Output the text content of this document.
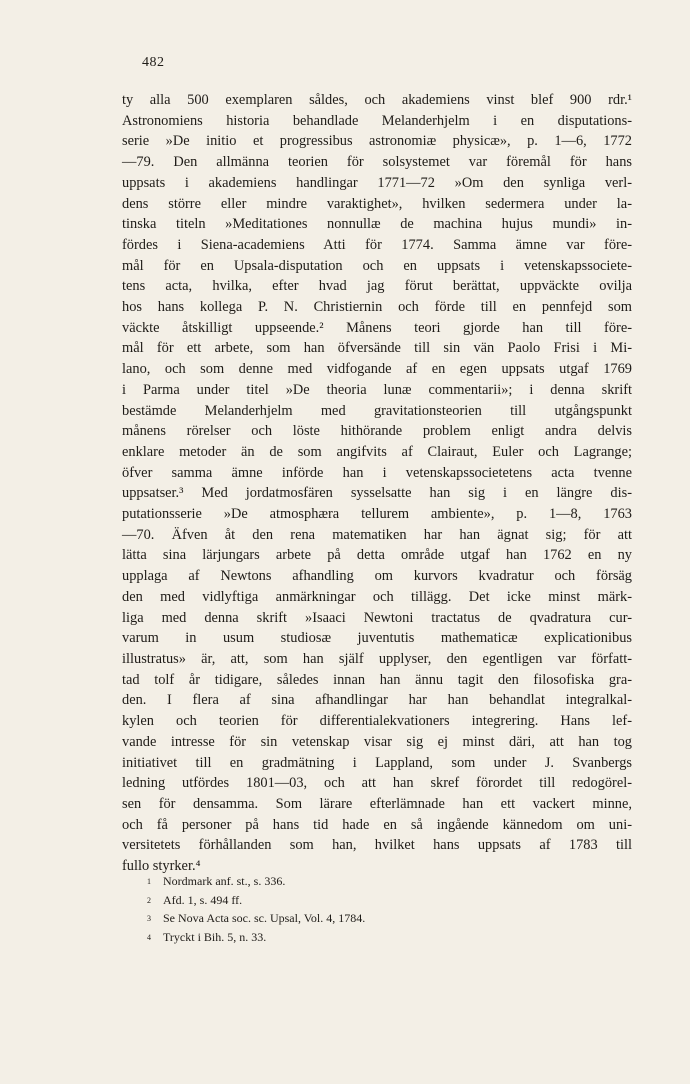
482
ty alla 500 exemplaren såldes, och akademiens vinst blef 900 rdr.¹
Astronomiens historia behandlade Melanderhjelm i en disputations-
serie »De initio et progressibus astronomiæ physicæ», p. 1—6, 1772
—79. Den allmänna teorien för solsystemet var föremål för hans
uppsats i akademiens handlingar 1771—72 »Om den synliga verl-
dens större eller mindre varaktighet», hvilken sedermera under la-
tinska titeln »Meditationes nonnullæ de machina hujus mundi» in-
fördes i Siena-academiens Atti för 1774. Samma ämne var före-
mål för en Upsala-disputation och en uppsats i vetenskapssociete-
tens acta, hvilka, efter hvad jag förut berättat, uppväckte ovilja
hos hans kollega P. N. Christiernin och förde till en pennfejd som
väckte åtskilligt uppseende.² Månens teori gjorde han till före-
mål för ett arbete, som han öfversände till sin vän Paolo Frisi i Mi-
lano, och som denne med vidfogande af en egen uppsats utgaf 1769
i Parma under titel »De theoria lunæ commentarii»; i denna skrift
bestämde Melanderhjelm med gravitationsteorien till utgångspunkt
månens rörelser och löste hithörande problem enligt andra delvis
enklare metoder än de som angifvits af Clairaut, Euler och Lagrange;
öfver samma ämne införde han i vetenskapssocietetens acta tvenne
uppsatser.³ Med jordatmosfären sysselsatte han sig i en längre dis-
putationsserie »De atmosphæra tellurem ambiente», p. 1—8, 1763
—70. Äfven åt den rena matematiken har han ägnat sig; för att
lätta sina lärjungars arbete på detta område utgaf han 1762 en ny
upplaga af Newtons afhandling om kurvors kvadratur och försäg
den med vidlyftiga anmärkningar och tillägg. Det icke minst märk-
liga med denna skrift »Isaaci Newtoni tractatus de qvadratura cur-
varum in usum studiosæ juventutis mathematicæ explicationibus
illustratus» är, att, som han själf upplyser, den egentligen var författ-
tad tolf år tidigare, således innan han ännu tagit den filosofiska gra-
den. I flera af sina afhandlingar har han behandlat integralkal-
kylen och teorien för differentialekvationers integrering. Hans lef-
vande intresse för sin vetenskap visar sig ej minst däri, att han tog
initiativet till en gradmätning i Lappland, som under J. Svanbergs
ledning utfördes 1801—03, och att han skref förordet till redogörel-
sen för densamma. Som lärare efterlämnade han ett vackert minne,
och få personer på hans tid hade en så ingående kännedom om uni-
versitetets förhållanden som han, hvilket hans uppsats af 1783 till
fullo styrker.⁴
1 Nordmark anf. st., s. 336.
2 Afd. 1, s. 494 ff.
3 Se Nova Acta soc. sc. Upsal, Vol. 4, 1784.
4 Tryckt i Bih. 5, n. 33.
